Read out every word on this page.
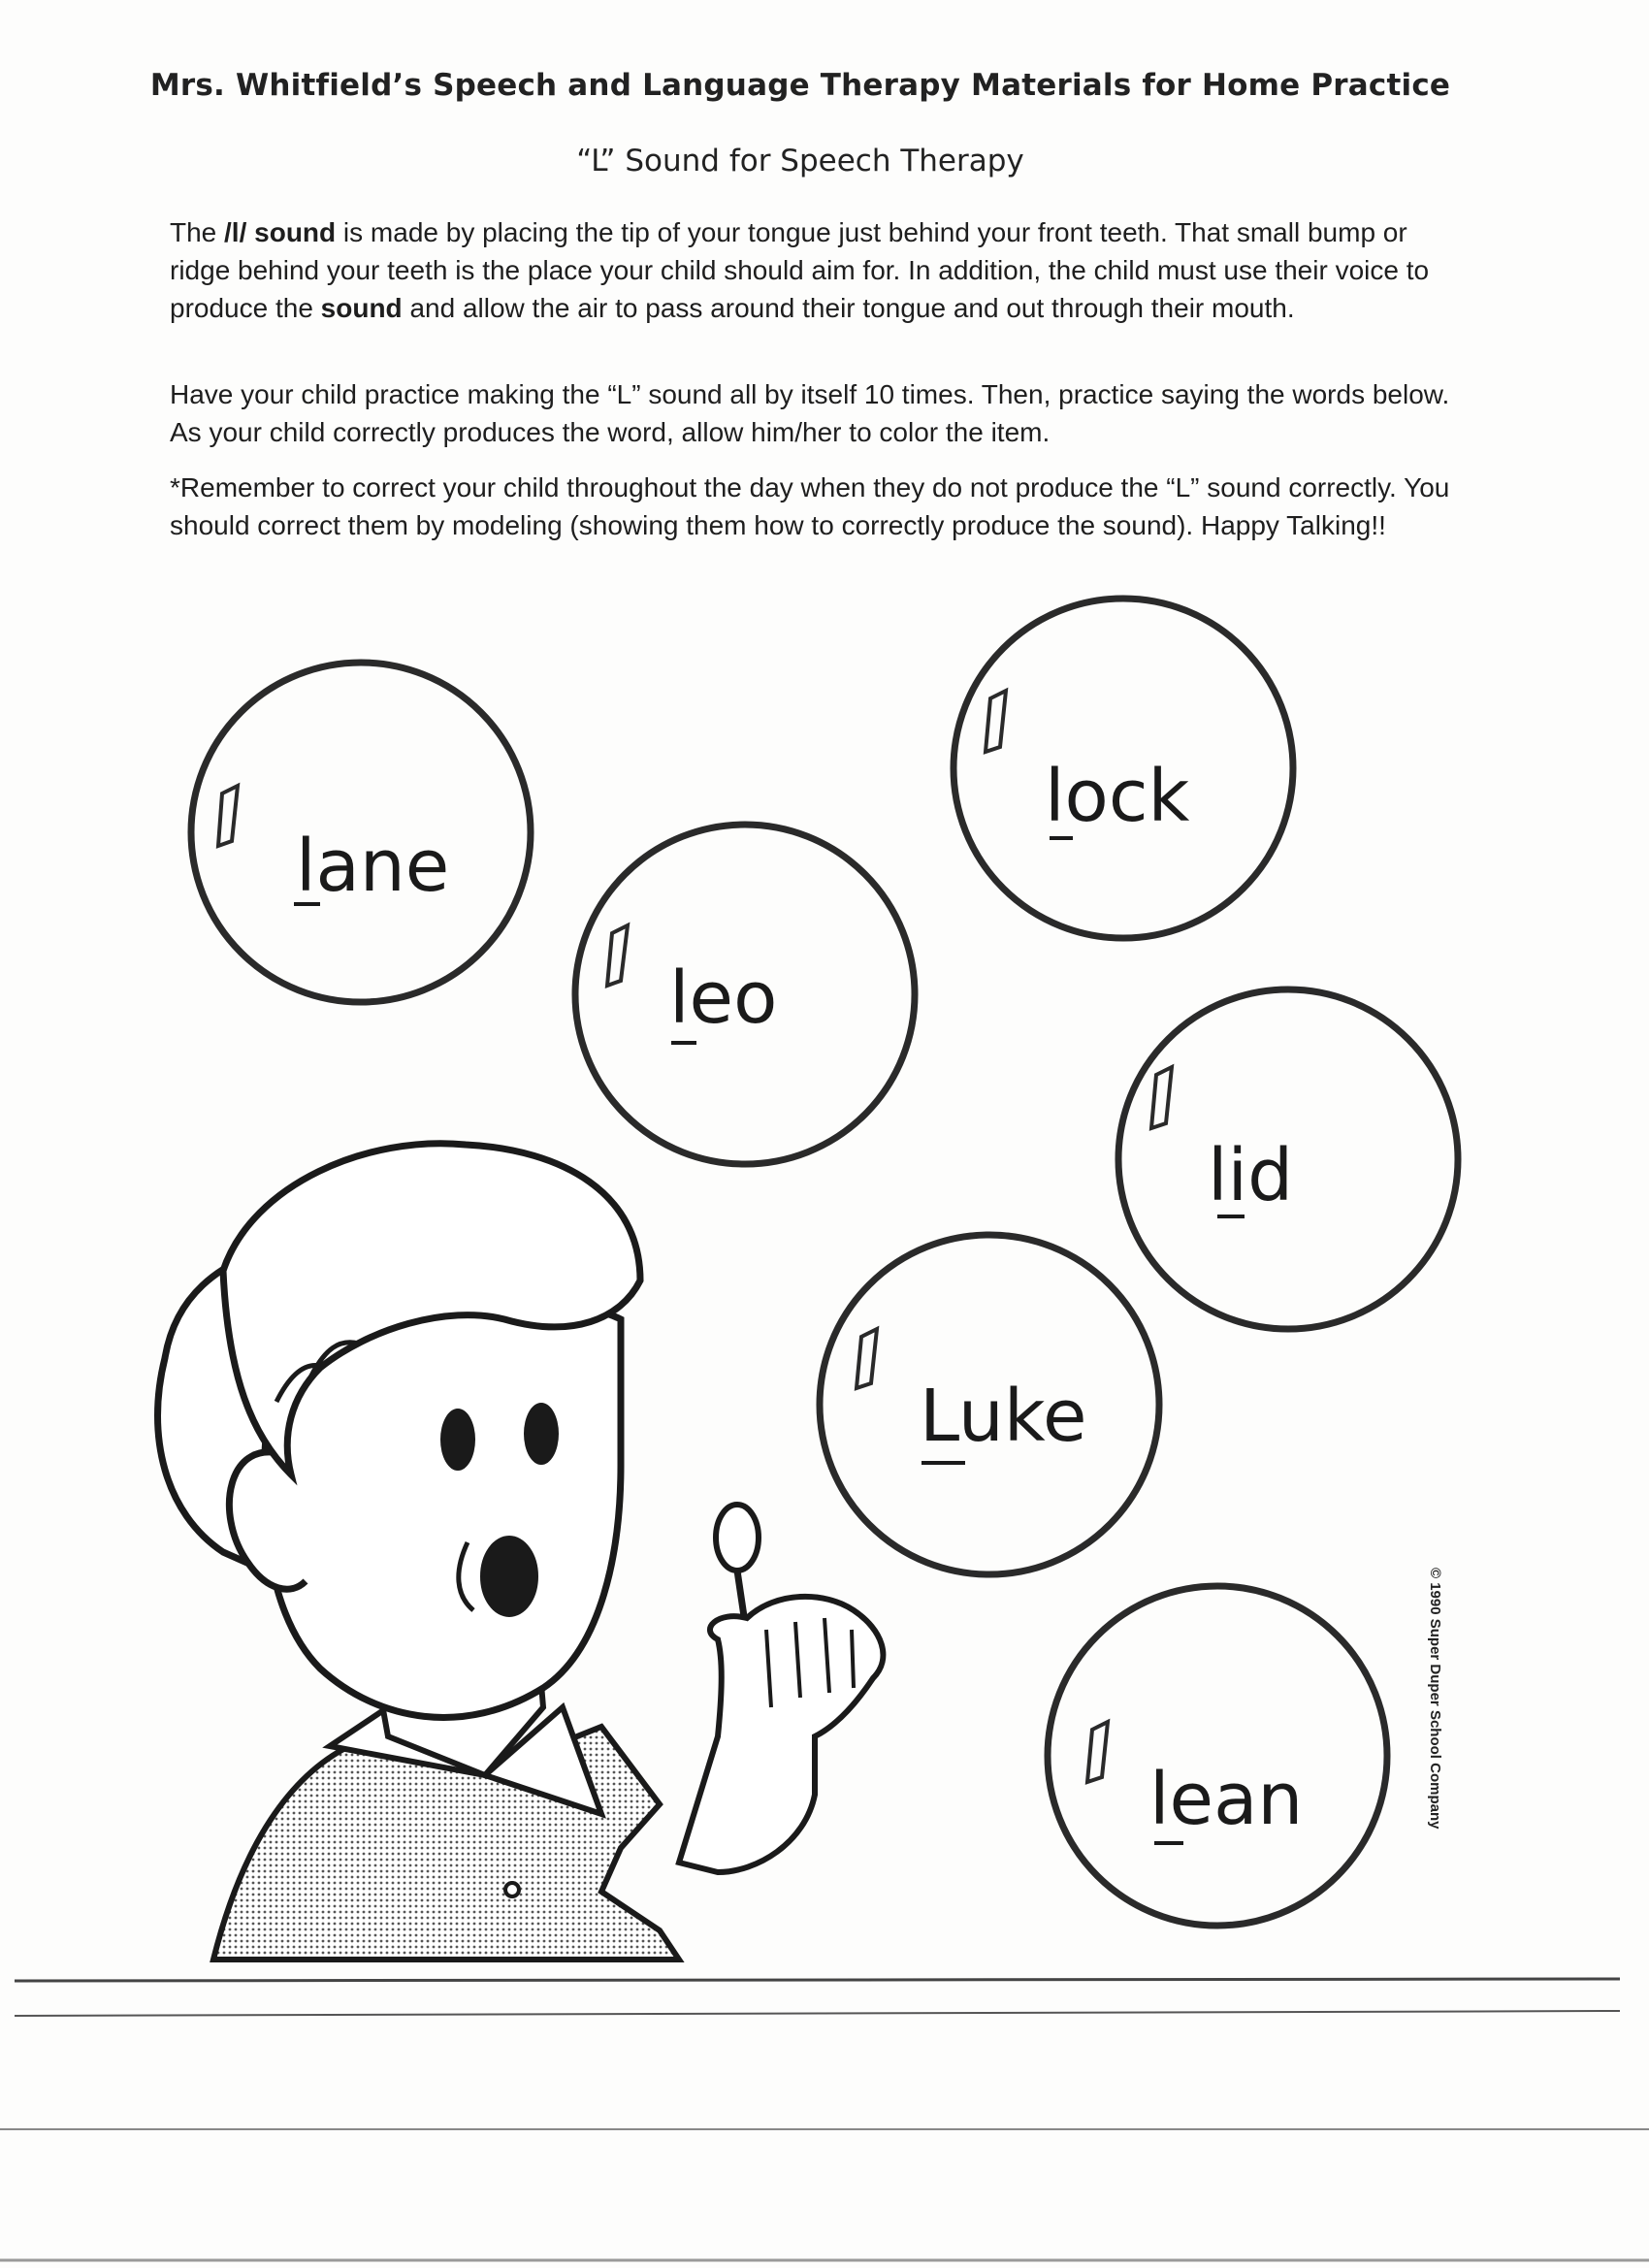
Mrs. Whitfield’s Speech and Language Therapy Materials for Home Practice
“L” Sound for Speech Therapy
The /l/ sound is made by placing the tip of your tongue just behind your front teeth. That small bump or ridge behind your teeth is the place your child should aim for. In addition, the child must use their voice to produce the sound and allow the air to pass around their tongue and out through their mouth.
Have your child practice making the “L” sound all by itself 10 times. Then, practice saying the words below. As your child correctly produces the word, allow him/her to color the item.
*Remember to correct your child throughout the day when they do not produce the “L” sound correctly. You should correct them by modeling (showing them how to correctly produce the sound). Happy Talking!!
lane
leo
lock
lid
Luke
lean	© 1990 Super Duper School Company
